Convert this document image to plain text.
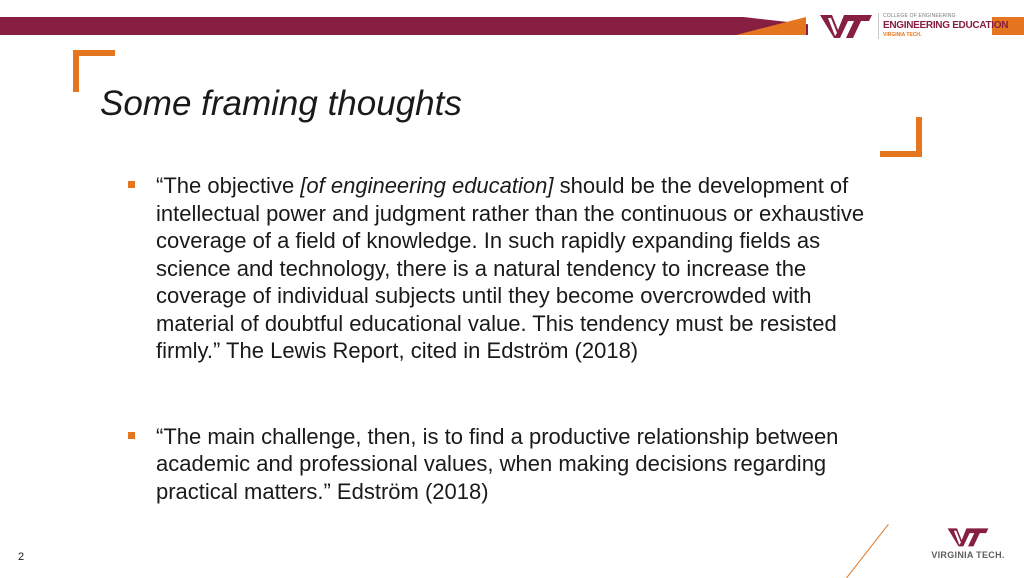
COLLEGE OF ENGINEERING
ENGINEERING EDUCATION
VIRGINIA TECH.
Some framing thoughts
“The objective [of engineering education] should be the development of intellectual power and judgment rather than the continuous or exhaustive coverage of a field of knowledge. In such rapidly expanding fields as science and technology, there is a natural tendency to increase the coverage of individual subjects until they become overcrowded with material of doubtful educational value. This tendency must be resisted firmly.” The Lewis Report, cited in Edström (2018)
“The main challenge, then, is to find a productive relationship between academic and professional values, when making decisions regarding practical matters.” Edström (2018)
2	VIRGINIA TECH.
